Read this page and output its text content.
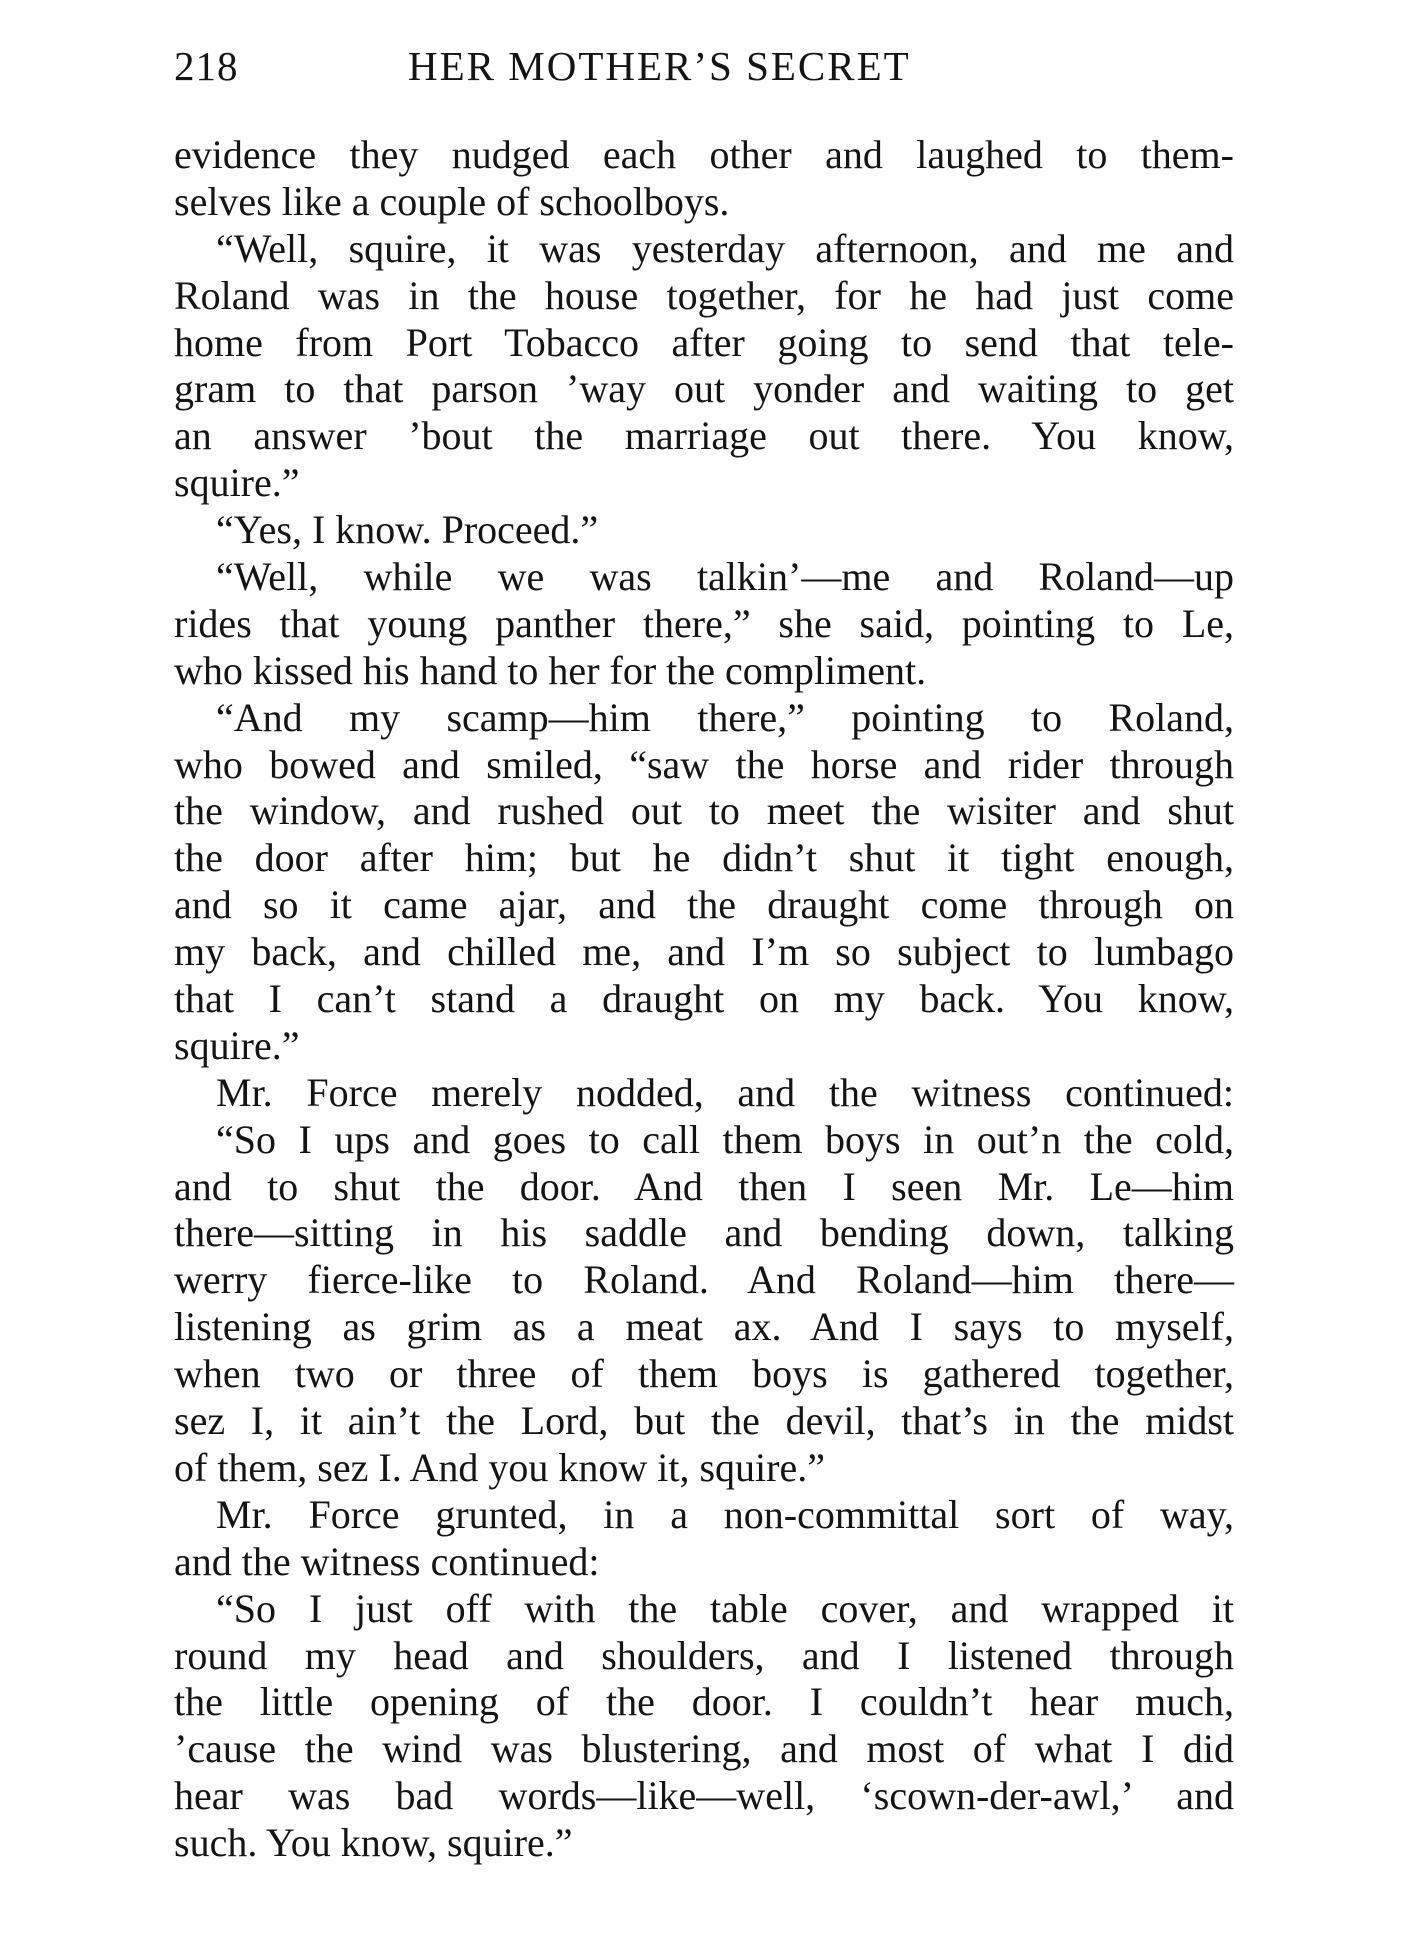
218	HER MOTHER’S SECRET
evidence they nudged each other and laughed to them-
selves like a couple of schoolboys.
“Well, squire, it was yesterday afternoon, and me and
Roland was in the house together, for he had just come
home from Port Tobacco after going to send that tele-
gram to that parson ’way out yonder and waiting to get
an answer ’bout the marriage out there. You know,
squire.”
“Yes, I know. Proceed.”
“Well, while we was talkin’—me and Roland—up
rides that young panther there,” she said, pointing to Le,
who kissed his hand to her for the compliment.
“And my scamp—him there,” pointing to Roland,
who bowed and smiled, “saw the horse and rider through
the window, and rushed out to meet the wisiter and shut
the door after him; but he didn’t shut it tight enough,
and so it came ajar, and the draught come through on
my back, and chilled me, and I’m so subject to lumbago
that I can’t stand a draught on my back. You know,
squire.”
Mr. Force merely nodded, and the witness continued:
“So I ups and goes to call them boys in out’n the cold,
and to shut the door. And then I seen Mr. Le—him
there—sitting in his saddle and bending down, talking
werry fierce-like to Roland. And Roland—him there—
listening as grim as a meat ax. And I says to myself,
when two or three of them boys is gathered together,
sez I, it ain’t the Lord, but the devil, that’s in the midst
of them, sez I. And you know it, squire.”
Mr. Force grunted, in a non-committal sort of way,
and the witness continued:
“So I just off with the table cover, and wrapped it
round my head and shoulders, and I listened through
the little opening of the door. I couldn’t hear much,
’cause the wind was blustering, and most of what I did
hear was bad words—like—well, ‘scown-der-awl,’ and
such. You know, squire.”
